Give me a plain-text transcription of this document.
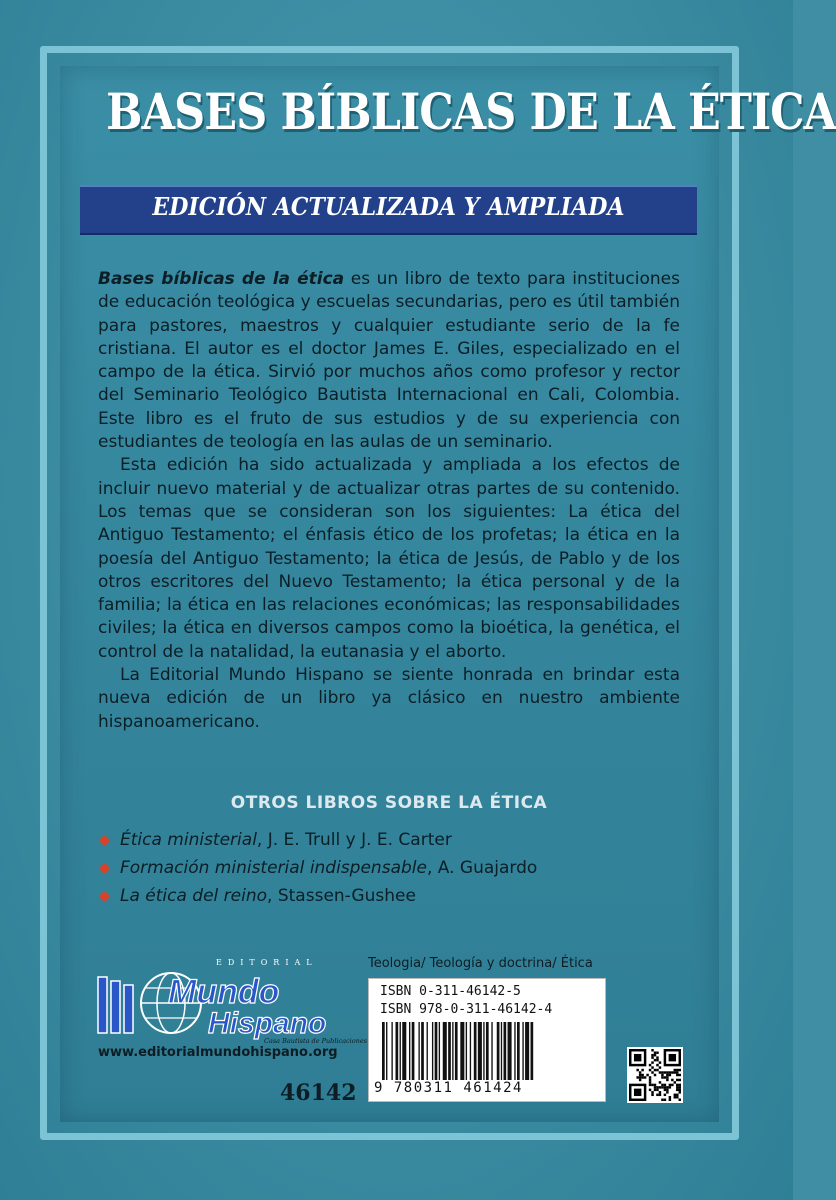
BASES BÍBLICAS DE LA ÉTICA
EDICIÓN ACTUALIZADA Y AMPLIADA

Bases bíblicas de la ética es un libro de texto para instituciones de educación teológica y escuelas secundarias, pero es útil también para pastores, maestros y cualquier estudiante serio de la fe cristiana. El autor es el doctor James E. Giles, especializado en el campo de la ética. Sirvió por muchos años como profesor y rector del Seminario Teológico Bautista Internacional en Cali, Colombia. Este libro es el fruto de sus estudios y de su experiencia con estudiantes de teología en las aulas de un seminario.

Esta edición ha sido actualizada y ampliada a los efectos de incluir nuevo material y de actualizar otras partes de su contenido. Los temas que se consideran son los siguientes: La ética del Antiguo Testamento; el énfasis ético de los profetas; la ética en la poesía del Antiguo Testamento; la ética de Jesús, de Pablo y de los otros escritores del Nuevo Testamento; la ética personal y de la familia; la ética en las relaciones económicas; las responsabilidades civiles; la ética en diversos campos como la bioética, la genética, el control de la natalidad, la eutanasia y el aborto.

La Editorial Mundo Hispano se siente honrada en brindar esta nueva edición de un libro ya clásico en nuestro ambiente hispanoamericano.

OTROS LIBROS SOBRE LA ÉTICA
Ética ministerial, J. E. Trull y J. E. Carter
Formación ministerial indispensable, A. Guajardo
La ética del reino, Stassen-Gushee
EDITORIAL
Mundo
Hispano
Casa Bautista de Publicaciones

www.editorialmundohispano.org

46142

Teologia/ Teología y doctrina/ Ética

ISBN 0-311-46142-5

ISBN 978-0-311-46142-4

9 780311 461424
